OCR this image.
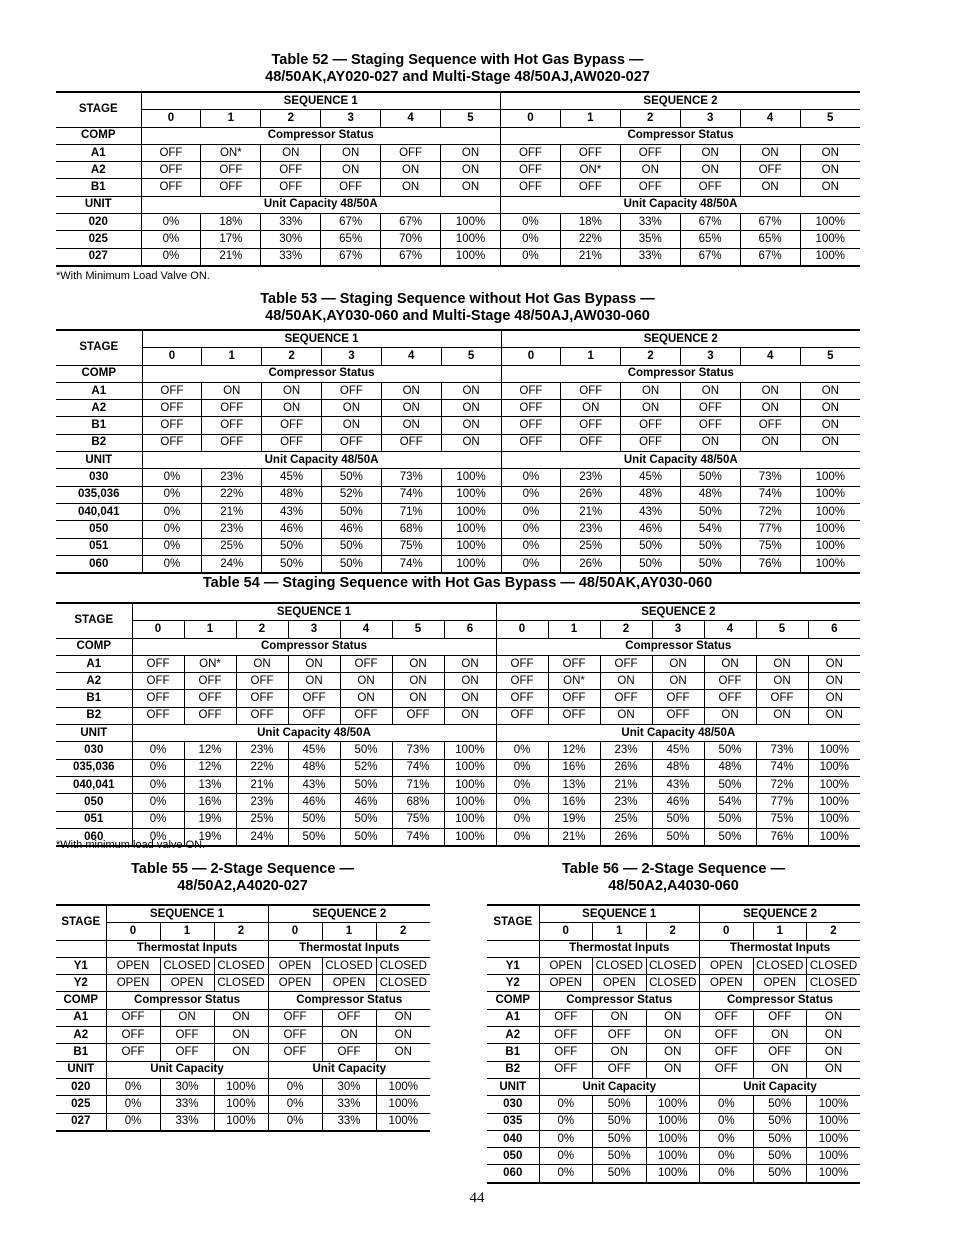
Table 52 — Staging Sequence with Hot Gas Bypass —
48/50AK,AY020-027 and Multi-Stage 48/50AJ,AW020-027
STAGE	SEQUENCE 1						SEQUENCE 2					
	0	1	2	3	4	5	0	1	2	3	4	5
COMP	Compressor Status						Compressor Status					
A1	OFF	ON*	ON	ON	OFF	ON	OFF	OFF	OFF	ON	ON	ON
A2	OFF	OFF	OFF	ON	ON	ON	OFF	ON*	ON	ON	OFF	ON
B1	OFF	OFF	OFF	OFF	ON	ON	OFF	OFF	OFF	OFF	ON	ON
UNIT	Unit Capacity 48/50A						Unit Capacity 48/50A					
020	0%	18%	33%	67%	67%	100%	0%	18%	33%	67%	67%	100%
025	0%	17%	30%	65%	70%	100%	0%	22%	35%	65%	65%	100%
027	0%	21%	33%	67%	67%	100%	0%	21%	33%	67%	67%	100%
*With Minimum Load Valve ON.
Table 53 — Staging Sequence without Hot Gas Bypass —
48/50AK,AY030-060 and Multi-Stage 48/50AJ,AW030-060
STAGE	SEQUENCE 1						SEQUENCE 2					
	0	1	2	3	4	5	0	1	2	3	4	5
COMP	Compressor Status						Compressor Status					
A1	OFF	ON	ON	OFF	ON	ON	OFF	OFF	ON	ON	ON	ON
A2	OFF	OFF	ON	ON	ON	ON	OFF	ON	ON	OFF	ON	ON
B1	OFF	OFF	OFF	ON	ON	ON	OFF	OFF	OFF	OFF	OFF	ON
B2	OFF	OFF	OFF	OFF	OFF	ON	OFF	OFF	OFF	ON	ON	ON
UNIT	Unit Capacity 48/50A						Unit Capacity 48/50A					
030	0%	23%	45%	50%	73%	100%	0%	23%	45%	50%	73%	100%
035,036	0%	22%	48%	52%	74%	100%	0%	26%	48%	48%	74%	100%
040,041	0%	21%	43%	50%	71%	100%	0%	21%	43%	50%	72%	100%
050	0%	23%	46%	46%	68%	100%	0%	23%	46%	54%	77%	100%
051	0%	25%	50%	50%	75%	100%	0%	25%	50%	50%	75%	100%
060	0%	24%	50%	50%	74%	100%	0%	26%	50%	50%	76%	100%
Table 54 — Staging Sequence with Hot Gas Bypass — 48/50AK,AY030-060
STAGE	SEQUENCE 1							SEQUENCE 2						
	0	1	2	3	4	5	6	0	1	2	3	4	5	6
COMP	Compressor Status							Compressor Status						
A1	OFF	ON*	ON	ON	OFF	ON	ON	OFF	OFF	OFF	ON	ON	ON	ON
A2	OFF	OFF	OFF	ON	ON	ON	ON	OFF	ON*	ON	ON	OFF	ON	ON
B1	OFF	OFF	OFF	OFF	ON	ON	ON	OFF	OFF	OFF	OFF	OFF	OFF	ON
B2	OFF	OFF	OFF	OFF	OFF	OFF	ON	OFF	OFF	ON	OFF	ON	ON	ON
UNIT	Unit Capacity 48/50A							Unit Capacity 48/50A						
030	0%	12%	23%	45%	50%	73%	100%	0%	12%	23%	45%	50%	73%	100%
035,036	0%	12%	22%	48%	52%	74%	100%	0%	16%	26%	48%	48%	74%	100%
040,041	0%	13%	21%	43%	50%	71%	100%	0%	13%	21%	43%	50%	72%	100%
050	0%	16%	23%	46%	46%	68%	100%	0%	16%	23%	46%	54%	77%	100%
051	0%	19%	25%	50%	50%	75%	100%	0%	19%	25%	50%	50%	75%	100%
060	0%	19%	24%	50%	50%	74%	100%	0%	21%	26%	50%	50%	76%	100%
*With minimum load valve ON.
Table 55 — 2-Stage Sequence —
48/50A2,A4020-027
STAGE	SEQUENCE 1			SEQUENCE 2		
	0	1	2	0	1	2
	Thermostat Inputs			Thermostat Inputs		
Y1	OPEN	CLOSED	CLOSED	OPEN	CLOSED	CLOSED
Y2	OPEN	OPEN	CLOSED	OPEN	OPEN	CLOSED
COMP	Compressor Status			Compressor Status		
A1	OFF	ON	ON	OFF	OFF	ON
A2	OFF	OFF	ON	OFF	ON	ON
B1	OFF	OFF	ON	OFF	OFF	ON
UNIT	Unit Capacity			Unit Capacity		
020	0%	30%	100%	0%	30%	100%
025	0%	33%	100%	0%	33%	100%
027	0%	33%	100%	0%	33%	100%
Table 56 — 2-Stage Sequence —
48/50A2,A4030-060
STAGE	SEQUENCE 1			SEQUENCE 2		
	0	1	2	0	1	2
	Thermostat Inputs			Thermostat Inputs		
Y1	OPEN	CLOSED	CLOSED	OPEN	CLOSED	CLOSED
Y2	OPEN	OPEN	CLOSED	OPEN	OPEN	CLOSED
COMP	Compressor Status			Compressor Status		
A1	OFF	ON	ON	OFF	OFF	ON
A2	OFF	OFF	ON	OFF	ON	ON
B1	OFF	ON	ON	OFF	OFF	ON
B2	OFF	OFF	ON	OFF	ON	ON
UNIT	Unit Capacity			Unit Capacity		
030	0%	50%	100%	0%	50%	100%
035	0%	50%	100%	0%	50%	100%
040	0%	50%	100%	0%	50%	100%
050	0%	50%	100%	0%	50%	100%
060	0%	50%	100%	0%	50%	100%
44
